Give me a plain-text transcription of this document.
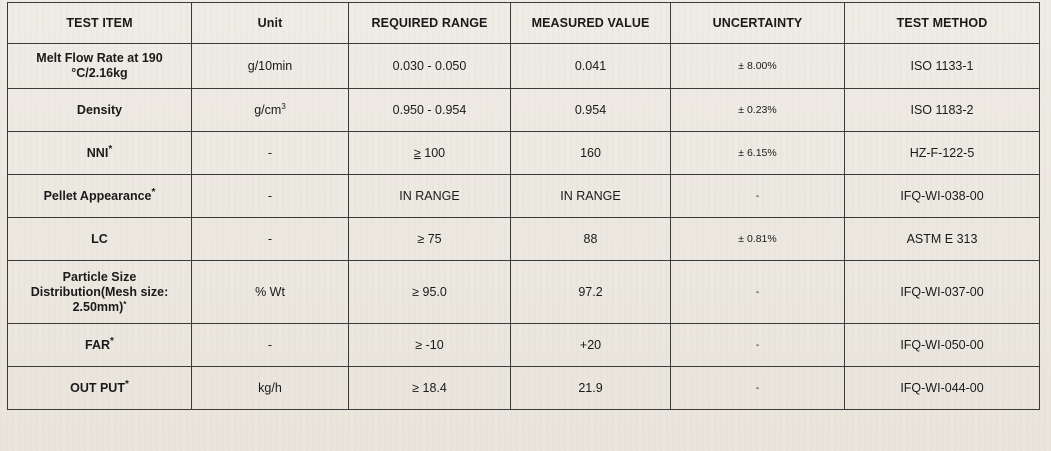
TEST ITEM	Unit	REQUIRED RANGE	MEASURED VALUE	UNCERTAINTY	TEST METHOD
Melt Flow Rate at 190
°C/2.16kg	g/10min	0.030 - 0.050	0.041	± 8.00%	ISO 1133-1
Density	$g/cm^3$	0.950 - 0.954	0.954	± 0.23%	ISO 1183-2
NNI*	-	≥ 100	160	± 6.15%	HZ-F-122-5
Pellet Appearance*	-	IN RANGE	IN RANGE	-	IFQ-WI-038-00
LC	-	≥ 75	88	± 0.81%	ASTM E 313
Particle Size
Distribution(Mesh size:
2.50mm)*	% Wt	≥ 95.0	97.2	-	IFQ-WI-037-00
FAR*	-	≥ -10	+20	-	IFQ-WI-050-00
OUT PUT*	kg/h	≥ 18.4	21.9	-	IFQ-WI-044-00
